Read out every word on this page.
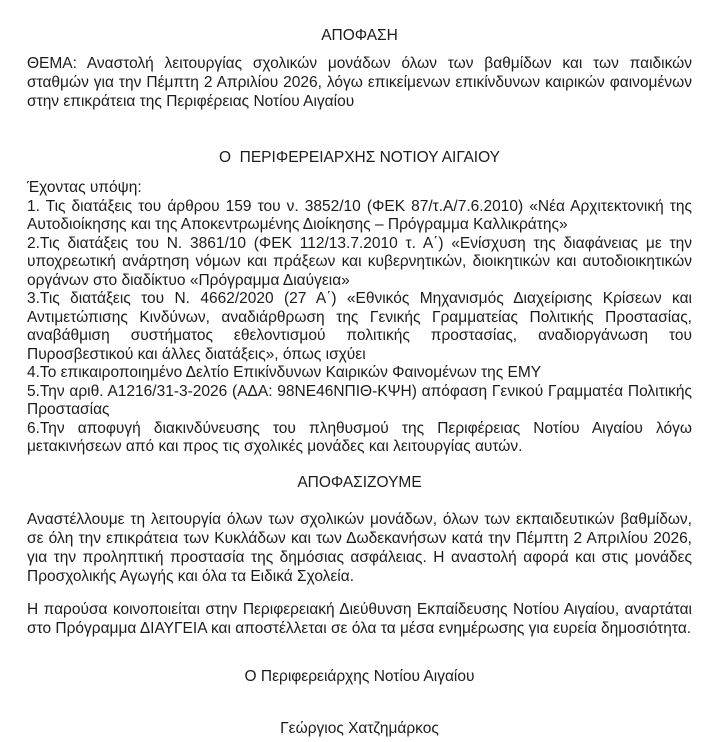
ΑΠΟΦΑΣΗ

ΘΕΜΑ: Αναστολή λειτουργίας σχολικών μονάδων όλων των βαθμίδων και των παιδικών σταθμών για την Πέμπτη 2 Απριλίου 2026, λόγω επικείμενων επικίνδυνων καιρικών φαινομένων στην επικράτεια της Περιφέρειας Νοτίου Αιγαίου

Ο  ΠΕΡΙΦΕΡΕΙΑΡΧΗΣ ΝΟΤΙΟΥ ΑΙΓΑΙΟΥ

Έχοντας υπόψη:

1. Τις διατάξεις του άρθρου 159 του ν. 3852/10 (ΦΕΚ 87/τ.Α/7.6.2010) «Νέα Αρχιτεκτονική της Αυτοδιοίκησης και της Αποκεντρωμένης Διοίκησης – Πρόγραμμα Καλλικράτης»

2.Τις διατάξεις του Ν. 3861/10 (ΦΕΚ 112/13.7.2010 τ. Α΄) «Ενίσχυση της διαφάνειας με την υποχρεωτική ανάρτηση νόμων και πράξεων και κυβερνητικών, διοικητικών και αυτοδιοικητικών οργάνων στο διαδίκτυο «Πρόγραμμα Διαύγεια»

3.Τις διατάξεις του Ν. 4662/2020 (27 Α΄) «Εθνικός Μηχανισμός Διαχείρισης Κρίσεων και Αντιμετώπισης Κινδύνων, αναδιάρθρωση της Γενικής Γραμματείας Πολιτικής Προστασίας, αναβάθμιση συστήματος εθελοντισμού πολιτικής προστασίας, αναδιοργάνωση του Πυροσβεστικού και άλλες διατάξεις», όπως ισχύει

4.Το επικαιροποιημένο Δελτίο Επικίνδυνων Καιρικών Φαινομένων της ΕΜΥ

5.Την αριθ. Α1216/31-3-2026 (ΑΔΑ: 98ΝΕ46ΝΠΙΘ-ΚΨΗ) απόφαση Γενικού Γραμματέα Πολιτικής Προστασίας

6.Την αποφυγή διακινδύνευσης του πληθυσμού της Περιφέρειας Νοτίου Αιγαίου λόγω μετακινήσεων από και προς τις σχολικές μονάδες και λειτουργίας αυτών.

ΑΠΟΦΑΣΙΖΟΥΜΕ

Αναστέλλουμε τη λειτουργία όλων των σχολικών μονάδων, όλων των εκπαιδευτικών βαθμίδων, σε όλη την επικράτεια των Κυκλάδων και των Δωδεκανήσων κατά την Πέμπτη 2 Απριλίου 2026, για την προληπτική προστασία της δημόσιας ασφάλειας. Η αναστολή αφορά και στις μονάδες Προσχολικής Αγωγής και όλα τα Ειδικά Σχολεία.

Η παρούσα κοινοποιείται στην Περιφερειακή Διεύθυνση Εκπαίδευσης Νοτίου Αιγαίου, αναρτάται στο Πρόγραμμα ΔΙΑΥΓΕΙΑ και αποστέλλεται σε όλα τα μέσα ενημέρωσης για ευρεία δημοσιότητα.

Ο Περιφερειάρχης Νοτίου Αιγαίου

Γεώργιος Χατζημάρκος
